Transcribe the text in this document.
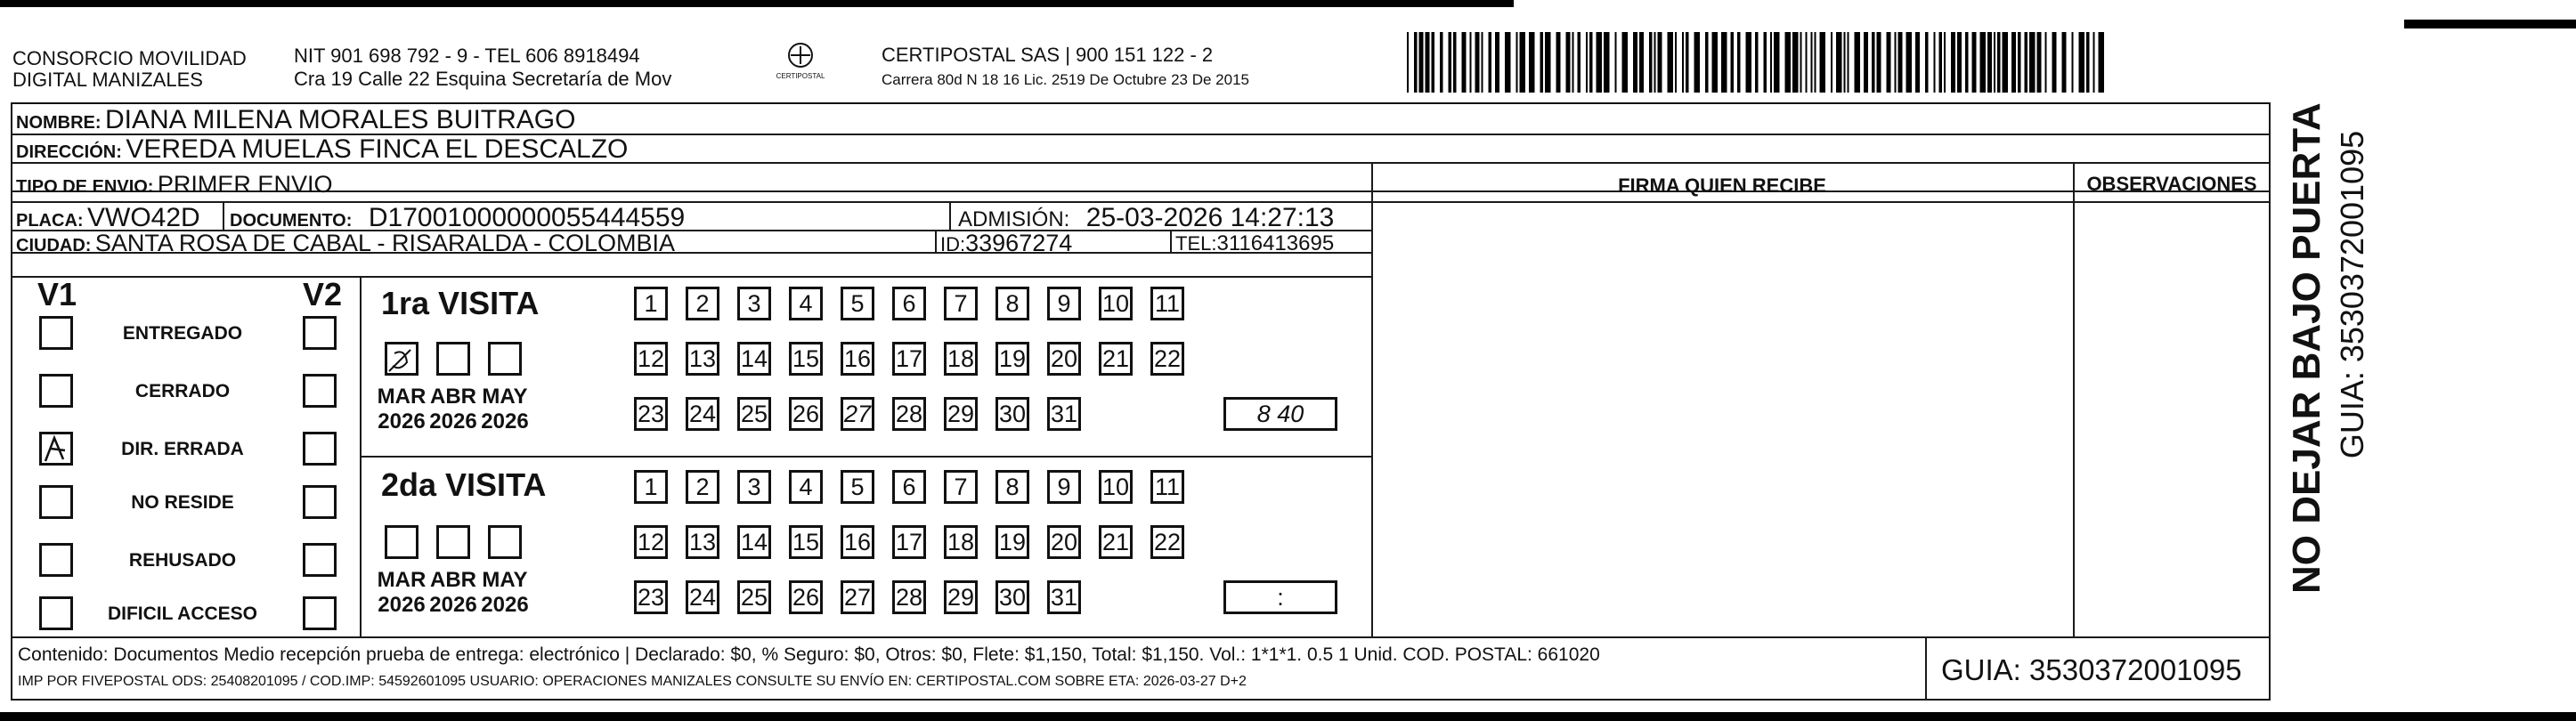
CONSORCIO MOVILIDAD
DIGITAL MANIZALES
NIT 901 698 792 - 9 - TEL 606 8918494
Cra 19 Calle 22 Esquina Secretaría de Mov	CERTIPOSTAL
CERTIPOSTAL SAS | 900 151 122 - 2
Carrera 80d N 18 16 Lic. 2519 De Octubre 23 De 2015
NOMBRE: DIANA MILENA MORALES BUITRAGO
DIRECCIÓN: VEREDA MUELAS FINCA EL DESCALZO
TIPO DE ENVIO: PRIMER ENVIO
PLACA: VWO42D DOCUMENTO: D17001000000055444559	ADMISIÓN: 25-03-2026 14:27:13
CIUDAD: SANTA ROSA DE CABAL - RISARALDA - COLOMBIA	ID:33967274	TEL:3116413695
FIRMA QUIEN RECIBE	OBSERVACIONES
V1	V2
ENTREGADO
CERRADO
DIR. ERRADA
NO RESIDE
REHUSADO
DIFICIL ACCESO
1ra VISITA
2da VISITA
MAR
2026
ABR
2026
MAY
2026
1	2	3	4	5	6	7	8	9	10 11
12 13 14 15 16 17 18 19 20 21 22
23 24 25 26 27 28 29 30 31	8 40
MAR
2026
ABR
2026
MAY
2026
1	2	3	4	5	6	7	8	9	10 11
12 13 14 15 16 17 18 19 20 21 22
23 24 25 26 27 28 29 30 31	:
Contenido: Documentos Medio recepción prueba de entrega: electrónico | Declarado: $0, % Seguro: $0, Otros: $0, Flete: $1,150, Total: $1,150. Vol.: 1*1*1. 0.5 1 Unid. COD. POSTAL: 661020
IMP POR FIVEPOSTAL ODS: 25408201095 / COD.IMP: 54592601095 USUARIO: OPERACIONES MANIZALES CONSULTE SU ENVÍO EN: CERTIPOSTAL.COM SOBRE ETA: 2026-03-27 D+2	GUIA: 3530372001095
NO DEJAR BAJO PUERTA GUIA: 3530372001095
